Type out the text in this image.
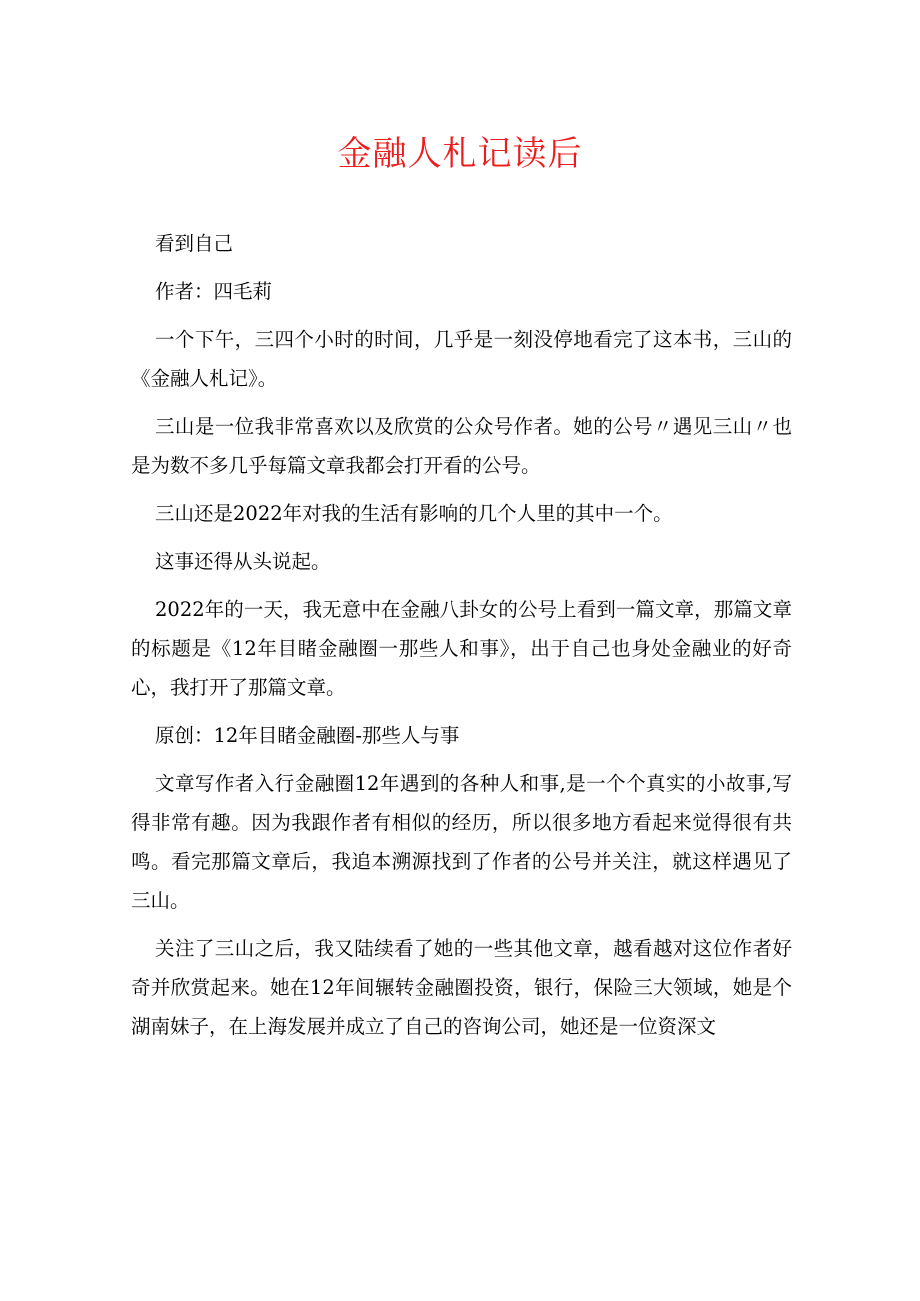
金融人札记读后

看到自己

作者：四毛莉

一个下午，三四个小时的时间，几乎是一刻没停地看完了这本书，三山的《金融人札记》。

三山是一位我非常喜欢以及欣赏的公众号作者。她的公号〃遇见三山〃也是为数不多几乎每篇文章我都会打开看的公号。

三山还是2022年对我的生活有影响的几个人里的其中一个。

这事还得从头说起。

2022年的一天，我无意中在金融八卦女的公号上看到一篇文章，那篇文章的标题是《12年目睹金融圈一那些人和事》，出于自己也身处金融业的好奇心，我打开了那篇文章。

原创：12年目睹金融圈-那些人与事

文章写作者入行金融圈12年遇到的各种人和事,是一个个真实的小故事,写得非常有趣。因为我跟作者有相似的经历，所以很多地方看起来觉得很有共鸣。看完那篇文章后，我追本溯源找到了作者的公号并关注，就这样遇见了三山。

关注了三山之后，我又陆续看了她的一些其他文章，越看越对这位作者好奇并欣赏起来。她在12年间辗转金融圈投资，银行，保险三大领域，她是个湖南妹子，在上海发展并成立了自己的咨询公司，她还是一位资深文
